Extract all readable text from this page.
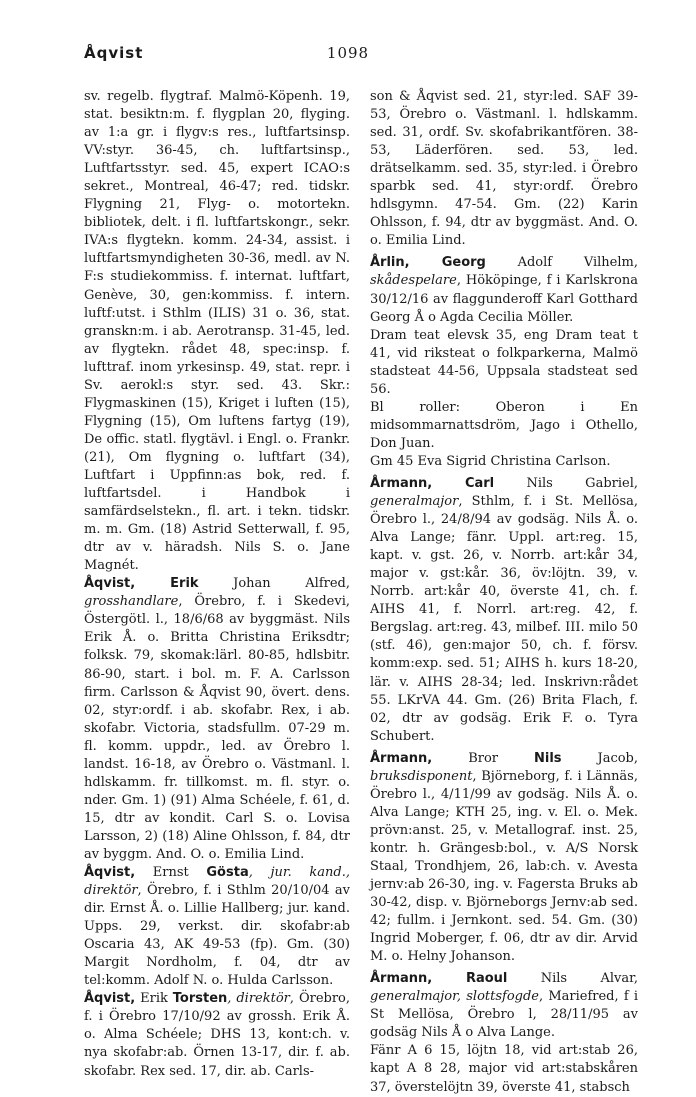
Åqvist	1098

sv. regelb. flygtraf. Malmö-Köpenh. 19, stat. besiktn:m. f. flygplan 20, flyging. av 1:a gr. i flygv:s res., luftfartsinsp. VV:styr. 36-45, ch. luftfartsinsp., Luftfartsstyr. sed. 45, expert ICAO:s sekret., Montreal, 46-47; red. tidskr. Flygning 21, Flyg- o. motortekn. bibliotek, delt. i fl. luftfartskongr., sekr. IVA:s flygtekn. komm. 24-34, assist. i luftfartsmyndigheten 30-36, medl. av N. F:s studiekommiss. f. internat. luftfart, Genève, 30, gen:kommiss. f. intern. luftf:utst. i Sthlm (ILIS) 31 o. 36, stat. granskn:m. i ab. Aerotransp. 31-45, led. av flygtekn. rådet 48, spec:insp. f. lufttraf. inom yrkesinsp. 49, stat. repr. i Sv. aerokl:s styr. sed. 43. Skr.: Flygmaskinen (15), Kriget i luften (15), Flygning (15), Om luftens fartyg (19), De offic. statl. flygtävl. i Engl. o. Frankr. (21), Om flygning o. luftfart (34), Luftfart i Uppfinn:as bok, red. f. luftfartsdel. i Handbok i samfärdselstekn., fl. art. i tekn. tidskr. m. m. Gm. (18) Astrid Setterwall, f. 95, dtr av v. häradsh. Nils S. o. Jane Magnét.

Åqvist, Erik Johan Alfred, grosshandlare, Örebro, f. i Skedevi, Östergötl. l., 18/6/68 av byggmäst. Nils Erik Å. o. Britta Christina Eriksdtr; folksk. 79, skomak:lärl. 80-85, hdlsbitr. 86-90, start. i bol. m. F. A. Carlsson firm. Carlsson & Åqvist 90, övert. dens. 02, styr:ordf. i ab. skofabr. Rex, i ab. skofabr. Victoria, stadsfullm. 07-29 m. fl. komm. uppdr., led. av Örebro l. landst. 16-18, av Örebro o. Västmanl. l. hdlskamm. fr. tillkomst. m. fl. styr. o. nder. Gm. 1) (91) Alma Schéele, f. 61, d. 15, dtr av kondit. Carl S. o. Lovisa Larsson, 2) (18) Aline Ohlsson, f. 84, dtr av byggm. And. O. o. Emilia Lind.

Åqvist, Ernst Gösta, jur. kand., direktör, Örebro, f. i Sthlm 20/10/04 av dir. Ernst Å. o. Lillie Hallberg; jur. kand. Upps. 29, verkst. dir. skofabr:ab Oscaria 43, AK 49-53 (fp). Gm. (30) Margit Nordholm, f. 04, dtr av tel:komm. Adolf N. o. Hulda Carlsson.

Åqvist, Erik Torsten, direktör, Örebro, f. i Örebro 17/10/92 av grossh. Erik Å. o. Alma Schéele; DHS 13, kont:ch. v. nya skofabr:ab. Örnen 13-17, dir. f. ab. skofabr. Rex sed. 17, dir. ab. Carls-

son & Åqvist sed. 21, styr:led. SAF 39-53, Örebro o. Västmanl. l. hdlskamm. sed. 31, ordf. Sv. skofabrikantfören. 38-53, Läderfören. sed. 53, led. drätselkamm. sed. 35, styr:led. i Örebro sparbk sed. 41, styr:ordf. Örebro hdlsgymn. 47-54. Gm. (22) Karin Ohlsson, f. 94, dtr av byggmäst. And. O. o. Emilia Lind.

Årlin, Georg Adolf Vilhelm, skådespelare, Hököpinge, f i Karlskrona 30/12/16 av flaggunderoff Karl Gotthard Georg Å o Agda Cecilia Möller.

Dram teat elevsk 35, eng Dram teat t 41, vid riksteat o folkparkerna, Malmö stadsteat 44-56, Uppsala stadsteat sed 56.

Bl roller: Oberon i En midsommarnattsdröm, Jago i Othello, Don Juan.

Gm 45 Eva Sigrid Christina Carlson.

Årmann, Carl Nils Gabriel, generalmajor, Sthlm, f. i St. Mellösa, Örebro l., 24/8/94 av godsäg. Nils Å. o. Alva Lange; fänr. Uppl. art:reg. 15, kapt. v. gst. 26, v. Norrb. art:kår 34, major v. gst:kår. 36, öv:löjtn. 39, v. Norrb. art:kår 40, överste 41, ch. f. AIHS 41, f. Norrl. art:reg. 42, f. Bergslag. art:reg. 43, milbef. III. milo 50 (stf. 46), gen:major 50, ch. f. försv. komm:exp. sed. 51; AIHS h. kurs 18-20, lär. v. AIHS 28-34; led. Inskrivn:rådet 55. LKrVA 44. Gm. (26) Brita Flach, f. 02, dtr av godsäg. Erik F. o. Tyra Schubert.

Årmann, Bror Nils Jacob, bruksdisponent, Björneborg, f. i Lännäs, Örebro l., 4/11/99 av godsäg. Nils Å. o. Alva Lange; KTH 25, ing. v. El. o. Mek. prövn:anst. 25, v. Metallograf. inst. 25, kontr. h. Grängesb:bol., v. A/S Norsk Staal, Trondhjem, 26, lab:ch. v. Avesta jernv:ab 26-30, ing. v. Fagersta Bruks ab 30-42, disp. v. Björneborgs Jernv:ab sed. 42; fullm. i Jernkont. sed. 54. Gm. (30) Ingrid Moberger, f. 06, dtr av dir. Arvid M. o. Helny Johanson.

Årmann, Raoul Nils Alvar, generalmajor, slottsfogde, Mariefred, f i St Mellösa, Örebro l, 28/11/95 av godsäg Nils Å o Alva Lange.

Fänr A 6 15, löjtn 18, vid art:stab 26, kapt A 8 28, major vid art:stabskåren 37, överstelöjtn 39, överste 41, stabsch
